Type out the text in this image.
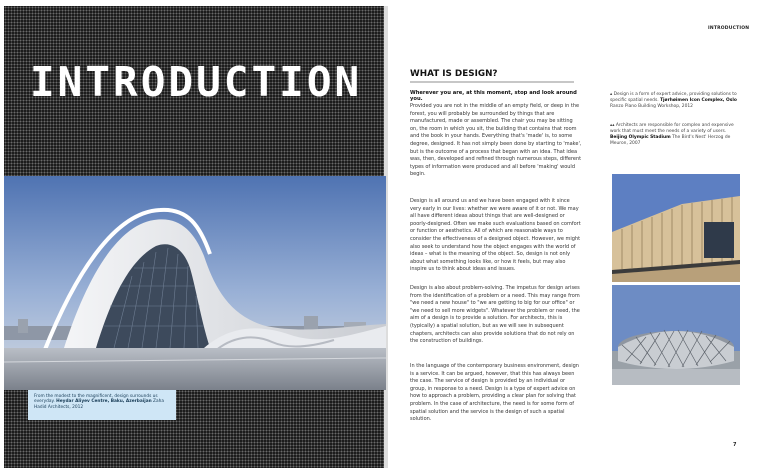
INTRODUCTION
From the modest to the magnificent, design surrounds us everyday. Heydar Aliyev Centre, Baku, Azerbaijan Zaha Hadid Architects, 2012
INTRODUCTION
WHAT IS DESIGN?
Wherever you are, at this moment, stop and look around you.
Provided you are not in the middle of an empty field, or deep in the forest, you will probably be surrounded by things that are manufactured, made or assembled. The chair you may be sitting on, the room in which you sit, the building that contains that room and the book in your hands. Everything that's 'made' is, to some degree, designed. It has not simply been done by starting to 'make', but is the outcome of a process that began with an idea. That idea was, then, developed and refined through numerous steps, different types of information were produced and all before 'making' would begin.
Design is all around us and we have been engaged with it since very early in our lives: whether we were aware of it or not. We may all have different ideas about things that are well-designed or poorly-designed. Often we make such evaluations based on comfort or function or aesthetics. All of which are reasonable ways to consider the effectiveness of a designed object. However, we might also seek to understand how the object engages with the world of ideas – what is the meaning of the object. So, design is not only about what something looks like, or how it feels, but may also inspire us to think about ideas and issues.
Design is also about problem-solving. The impetus for design arises from the identification of a problem or a need. This may range from "we need a new house" to "we are getting to big for our office" or "we need to sell more widgets". Whatever the problem or need, the aim of a design is to provide a solution. For architects, this is (typically) a spatial solution, but as we will see in subsequent chapters, architects can also provide solutions that do not rely on the construction of buildings.
In the language of the contemporary business environment, design is a service. It can be argued, however, that this has always been the case. The service of design is provided by an individual or group, in response to a need. Design is a type of expert advice on how to approach a problem, providing a clear plan for solving that problem. In the case of architecture, the need is for some form of spatial solution and the service is the design of such a spatial solution.
▴ Design is a form of expert advice, providing solutions to specific spatial needs. Tjørhøimen Icon Complex, Oslo Ranzo Piano Building Workshop, 2012
▴▴ Architects are responsible for complex and expensive work that must meet the needs of a variety of users. Beijing Olympic Stadium The Bird's Nest' Herzog de Meuron, 2007
7
